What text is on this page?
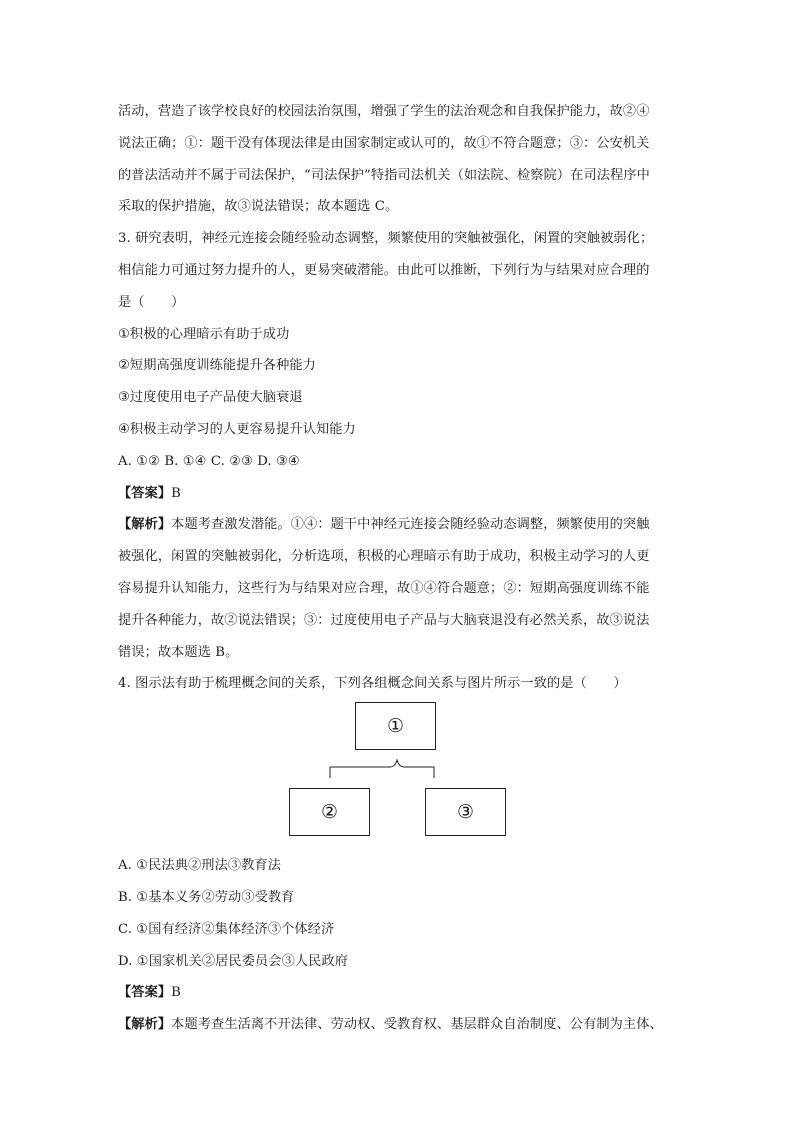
活动，营造了该学校良好的校园法治氛围，增强了学生的法治观念和自我保护能力，故②④

说法正确；①：题干没有体现法律是由国家制定或认可的，故①不符合题意；③：公安机关

的普法活动并不属于司法保护，“司法保护”特指司法机关（如法院、检察院）在司法程序中

采取的保护措施，故③说法错误；故本题选 C。

3. 研究表明，神经元连接会随经验动态调整，频繁使用的突触被强化，闲置的突触被弱化；

相信能力可通过努力提升的人，更易突破潜能。由此可以推断，下列行为与结果对应合理的

是（　　）

①积极的心理暗示有助于成功

②短期高强度训练能提升各种能力

③过度使用电子产品使大脑衰退

④积极主动学习的人更容易提升认知能力

A. ①② B. ①④ C. ②③ D. ③④

【答案】B

【解析】本题考查激发潜能。①④：题干中神经元连接会随经验动态调整，频繁使用的突触

被强化，闲置的突触被弱化，分析选项，积极的心理暗示有助于成功，积极主动学习的人更

容易提升认知能力，这些行为与结果对应合理，故①④符合题意；②：短期高强度训练不能

提升各种能力，故②说法错误；③：过度使用电子产品与大脑衰退没有必然关系，故③说法

错误；故本题选 B。

4. 图示法有助于梳理概念间的关系，下列各组概念间关系与图片所示一致的是（　　）

①
②	③

A. ①民法典②刑法③教育法

B. ①基本义务②劳动③受教育

C. ①国有经济②集体经济③个体经济

D. ①国家机关②居民委员会③人民政府

【答案】B

【解析】本题考查生活离不开法律、劳动权、受教育权、基层群众自治制度、公有制为主体、
